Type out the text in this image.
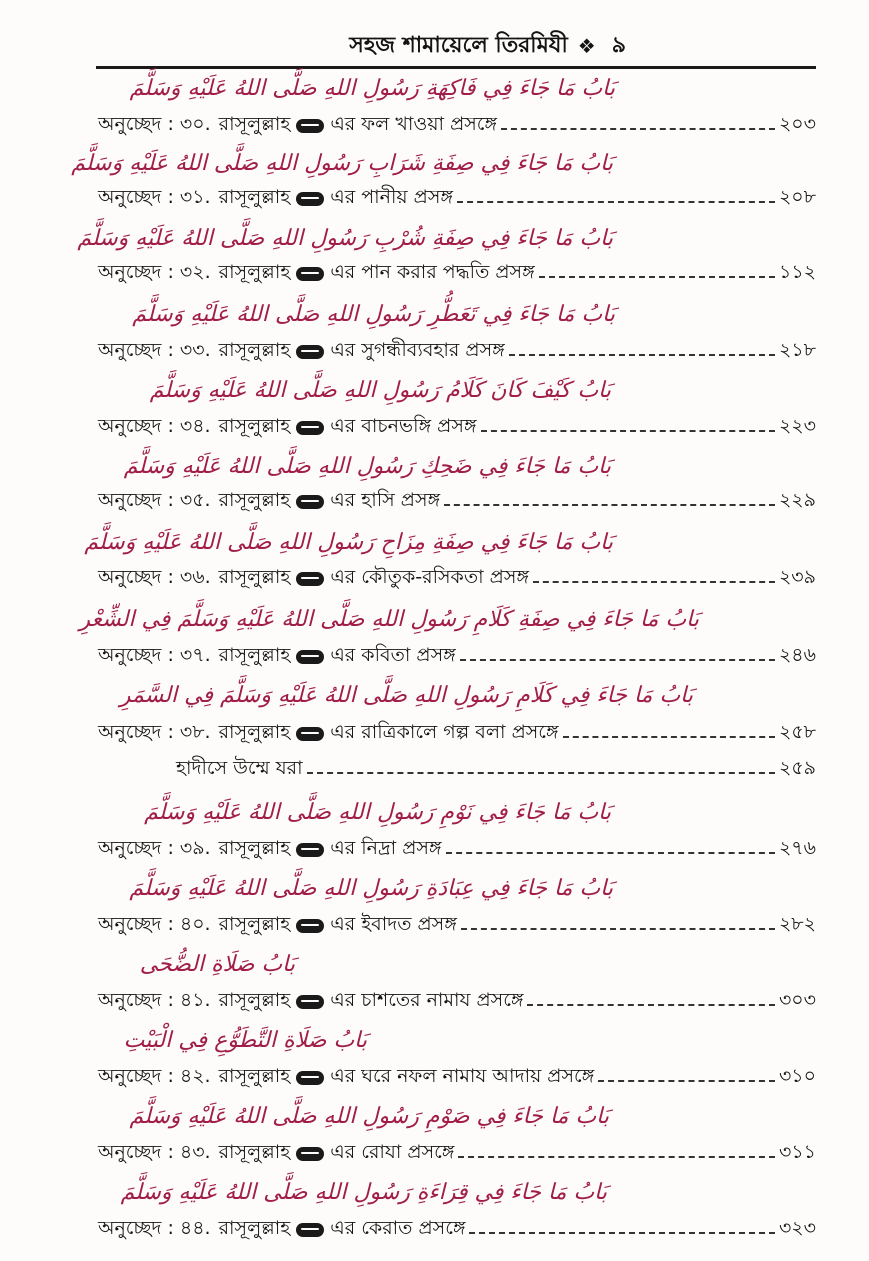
সহজ শামায়েলে তিরমিযী ❖ ৯
بَابُ مَا جَاءَ فِي فَاكِهَةِ رَسُولِ اللهِ صَلَّى اللهُ عَلَيْهِ وَسَلَّمَ
অনুচ্ছেদ : ৩০. রাসূলুল্লাহ এর ফল খাওয়া প্রসঙ্গে	২০৩
بَابُ مَا جَاءَ فِي صِفَةِ شَرَابِ رَسُولِ اللهِ صَلَّى اللهُ عَلَيْهِ وَسَلَّمَ
অনুচ্ছেদ : ৩১. রাসূলুল্লাহ এর পানীয় প্রসঙ্গ	২০৮
بَابُ مَا جَاءَ فِي صِفَةِ شُرْبِ رَسُولِ اللهِ صَلَّى اللهُ عَلَيْهِ وَسَلَّمَ
অনুচ্ছেদ : ৩২. রাসূলুল্লাহ এর পান করার পদ্ধতি প্রসঙ্গ	১১২
بَابُ مَا جَاءَ فِي تَعَطُّرِ رَسُولِ اللهِ صَلَّى اللهُ عَلَيْهِ وَسَلَّمَ
অনুচ্ছেদ : ৩৩. রাসূলুল্লাহ এর সুগন্ধীব্যবহার প্রসঙ্গ	২১৮
بَابُ كَيْفَ كَانَ كَلَامُ رَسُولِ اللهِ صَلَّى اللهُ عَلَيْهِ وَسَلَّمَ
অনুচ্ছেদ : ৩৪. রাসূলুল্লাহ এর বাচনভঙ্গি প্রসঙ্গ	২২৩
بَابُ مَا جَاءَ فِي ضَحِكِ رَسُولِ اللهِ صَلَّى اللهُ عَلَيْهِ وَسَلَّمَ
অনুচ্ছেদ : ৩৫. রাসূলুল্লাহ এর হাসি প্রসঙ্গ	২২৯
بَابُ مَا جَاءَ فِي صِفَةِ مِزَاحِ رَسُولِ اللهِ صَلَّى اللهُ عَلَيْهِ وَسَلَّمَ
অনুচ্ছেদ : ৩৬. রাসূলুল্লাহ এর কৌতুক-রসিকতা প্রসঙ্গ	২৩৯
بَابُ مَا جَاءَ فِي صِفَةِ كَلَامِ رَسُولِ اللهِ صَلَّى اللهُ عَلَيْهِ وَسَلَّمَ فِي الشِّعْرِ
অনুচ্ছেদ : ৩৭. রাসূলুল্লাহ এর কবিতা প্রসঙ্গ	২৪৬
بَابُ مَا جَاءَ فِي كَلَامِ رَسُولِ اللهِ صَلَّى اللهُ عَلَيْهِ وَسَلَّمَ فِي السَّمَرِ
অনুচ্ছেদ : ৩৮. রাসূলুল্লাহ এর রাত্রিকালে গল্প বলা প্রসঙ্গে	২৫৮
হাদীসে উম্মে যরা	২৫৯
بَابُ مَا جَاءَ فِي نَوْمِ رَسُولِ اللهِ صَلَّى اللهُ عَلَيْهِ وَسَلَّمَ
অনুচ্ছেদ : ৩৯. রাসূলুল্লাহ এর নিদ্রা প্রসঙ্গ	২৭৬
بَابُ مَا جَاءَ فِي عِبَادَةِ رَسُولِ اللهِ صَلَّى اللهُ عَلَيْهِ وَسَلَّمَ
অনুচ্ছেদ : ৪০. রাসূলুল্লাহ এর ইবাদত প্রসঙ্গ	২৮২
بَابُ صَلَاةِ الضُّحَى
অনুচ্ছেদ : ৪১. রাসূলুল্লাহ এর চাশতের নামায প্রসঙ্গে	৩০৩
بَابُ صَلَاةِ التَّطَوُّعِ فِي الْبَيْتِ
অনুচ্ছেদ : ৪২. রাসূলুল্লাহ এর ঘরে নফল নামায আদায় প্রসঙ্গে	৩১০
بَابُ مَا جَاءَ فِي صَوْمِ رَسُولِ اللهِ صَلَّى اللهُ عَلَيْهِ وَسَلَّمَ
অনুচ্ছেদ : ৪৩. রাসূলুল্লাহ এর রোযা প্রসঙ্গে	৩১১
بَابُ مَا جَاءَ فِي قِرَاءَةِ رَسُولِ اللهِ صَلَّى اللهُ عَلَيْهِ وَسَلَّمَ
অনুচ্ছেদ : ৪৪. রাসূলুল্লাহ এর কেরাত প্রসঙ্গে	৩২৩
